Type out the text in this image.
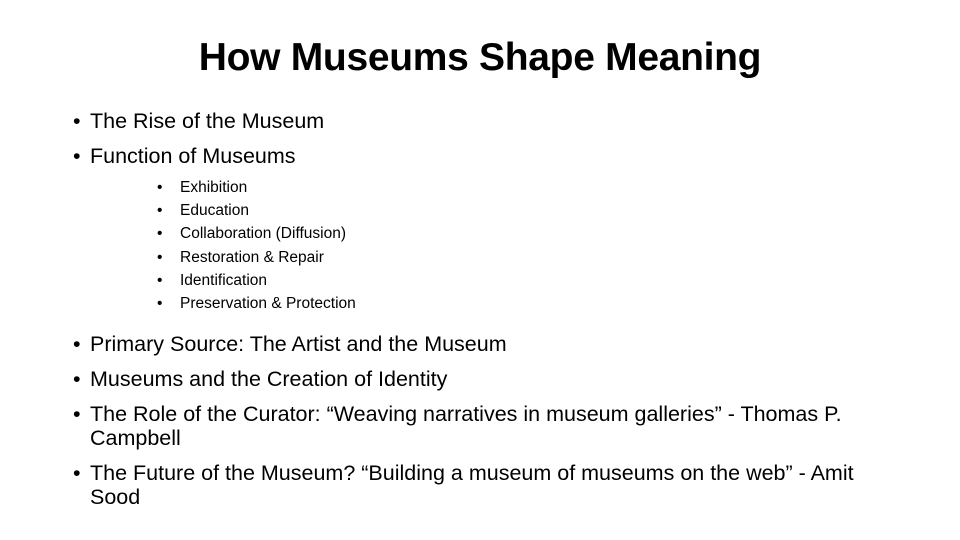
How Museums Shape Meaning
• The Rise of the Museum
• Function of Museums
• Exhibition
• Education
• Collaboration (Diffusion)
• Restoration & Repair
• Identification
• Preservation & Protection
• Primary Source: The Artist and the Museum
• Museums and the Creation of Identity
• The Role of the Curator: “Weaving narratives in museum galleries” - Thomas P. Campbell
• The Future of the Museum? “Building a museum of museums on the web” - Amit Sood
